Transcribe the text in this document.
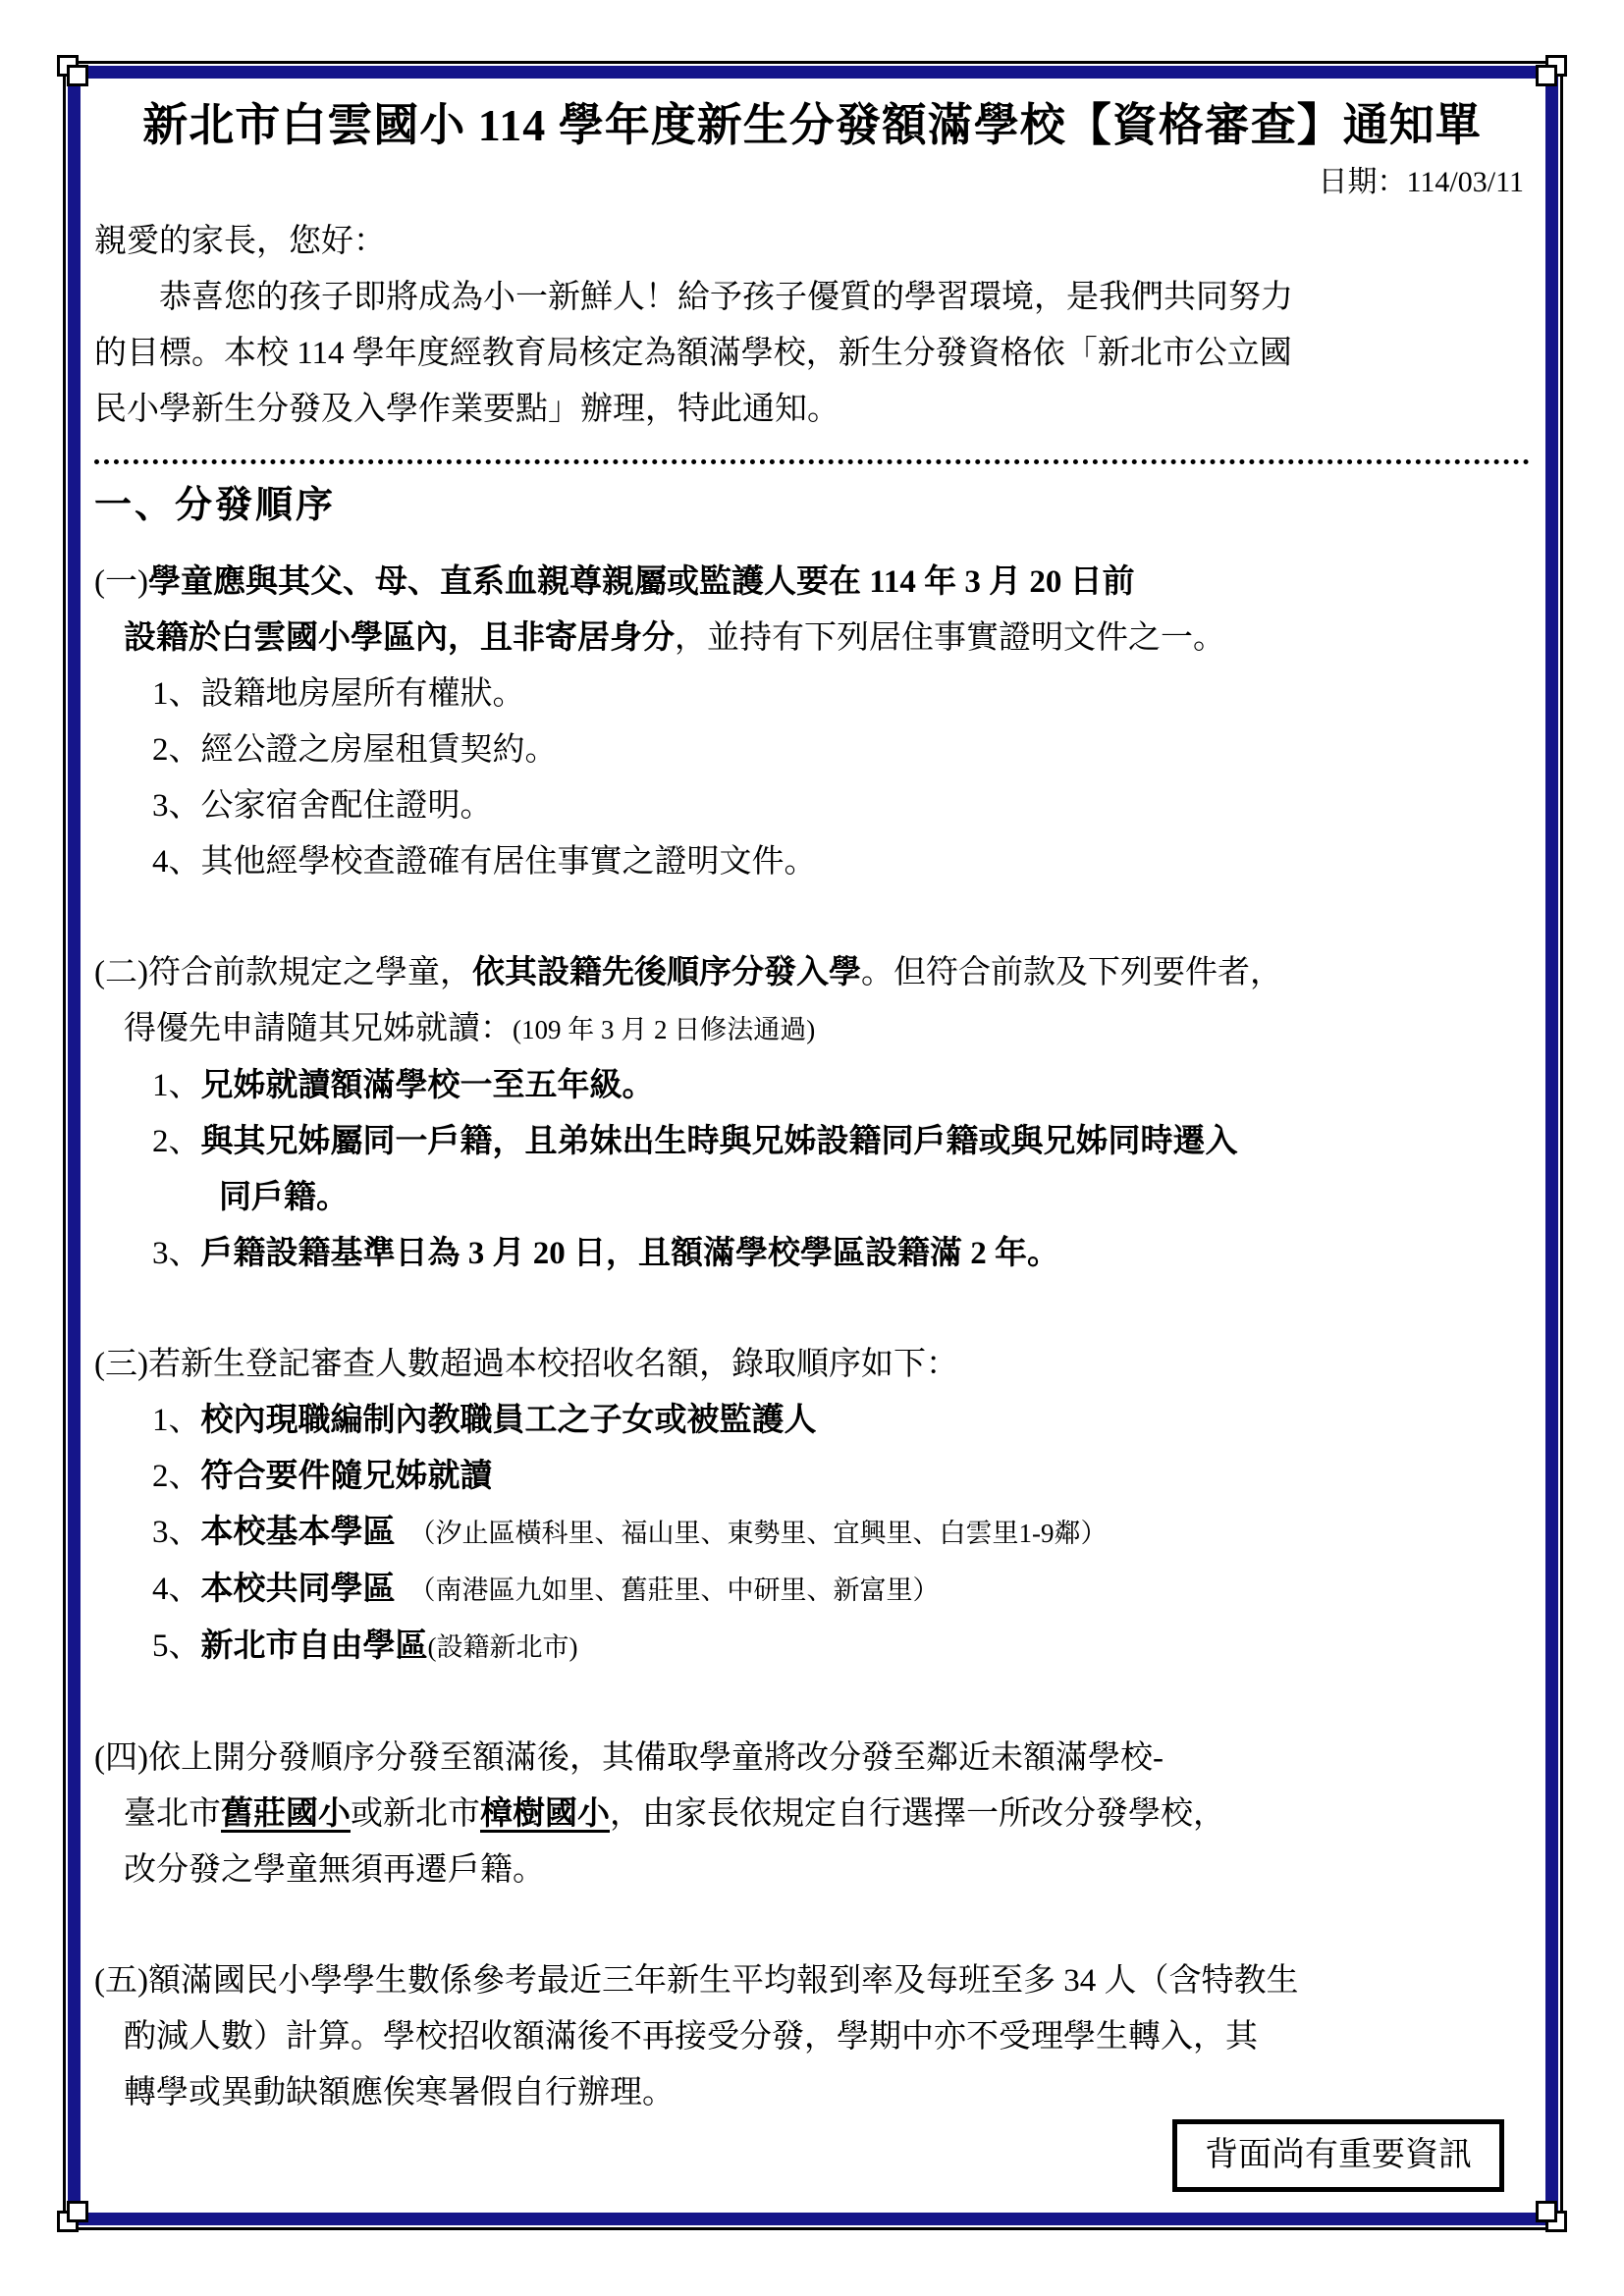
新北市白雲國小 114 學年度新生分發額滿學校【資格審查】通知單
日期：114/03/11
親愛的家長，您好：
恭喜您的孩子即將成為小一新鮮人！給予孩子優質的學習環境，是我們共同努力
的目標。本校 114 學年度經教育局核定為額滿學校，新生分發資格依「新北市公立國
民小學新生分發及入學作業要點」辦理，特此通知。
一、分發順序
(一)學童應與其父、母、直系血親尊親屬或監護人要在 114 年 3 月 20 日前
設籍於白雲國小學區內，且非寄居身分，並持有下列居住事實證明文件之一。
1、設籍地房屋所有權狀。
2、經公證之房屋租賃契約。
3、公家宿舍配住證明。
4、其他經學校查證確有居住事實之證明文件。
(二)符合前款規定之學童，依其設籍先後順序分發入學。但符合前款及下列要件者，
得優先申請隨其兄姊就讀：(109 年 3 月 2 日修法通過)
1、兄姊就讀額滿學校一至五年級。
2、與其兄姊屬同一戶籍，且弟妹出生時與兄姊設籍同戶籍或與兄姊同時遷入
同戶籍。
3、戶籍設籍基準日為 3 月 20 日，且額滿學校學區設籍滿 2 年。
(三)若新生登記審查人數超過本校招收名額，錄取順序如下：
1、校內現職編制內教職員工之子女或被監護人
2、符合要件隨兄姊就讀
3、本校基本學區 （汐止區橫科里、福山里、東勢里、宜興里、白雲里1-9鄰）
4、本校共同學區 （南港區九如里、舊莊里、中研里、新富里）
5、新北市自由學區(設籍新北市)
(四)依上開分發順序分發至額滿後，其備取學童將改分發至鄰近未額滿學校-
臺北市舊莊國小或新北市樟樹國小，由家長依規定自行選擇一所改分發學校，
改分發之學童無須再遷戶籍。
(五)額滿國民小學學生數係參考最近三年新生平均報到率及每班至多 34 人（含特教生
酌減人數）計算。學校招收額滿後不再接受分發，學期中亦不受理學生轉入，其
轉學或異動缺額應俟寒暑假自行辦理。
背面尚有重要資訊
